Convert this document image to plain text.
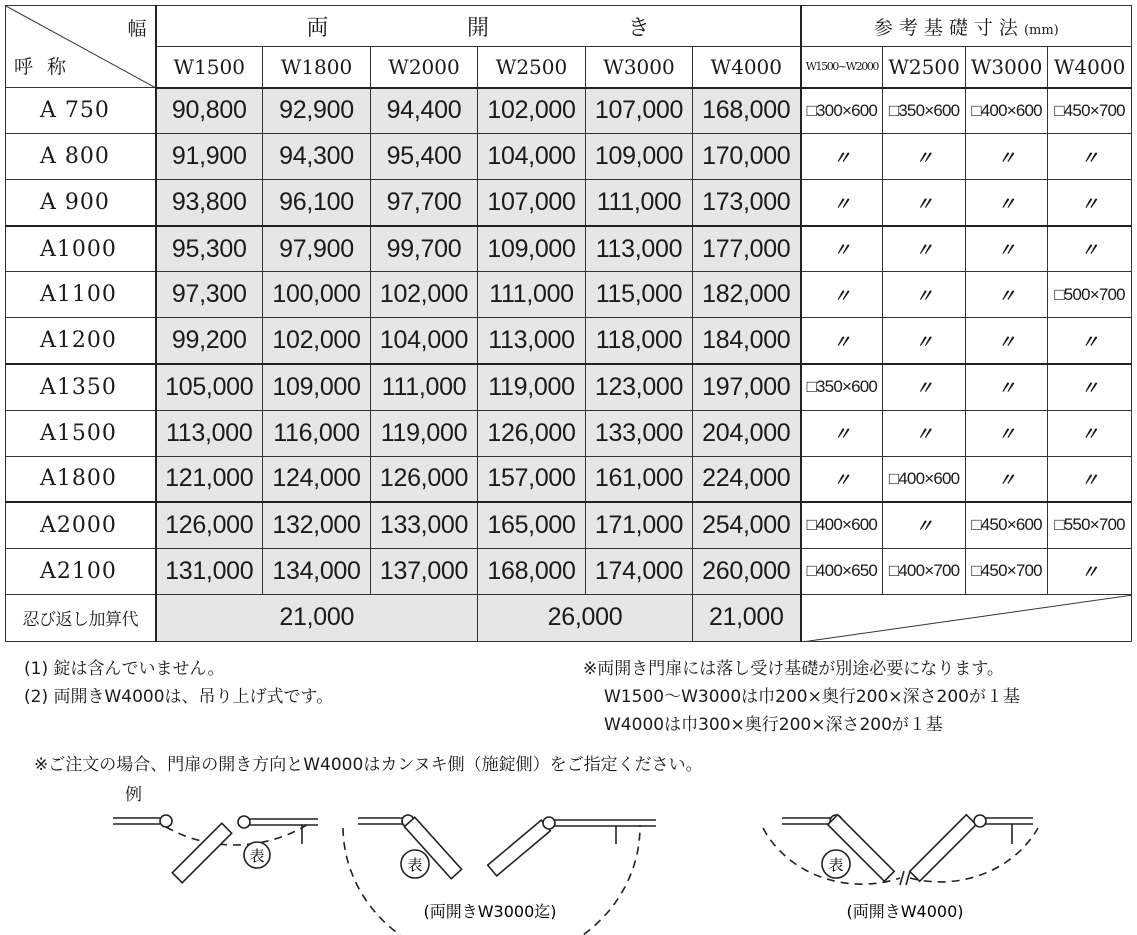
幅
呼 称	両 開 き						参考基礎寸法(mm)			
	W1500	W1800	W2000	W2500	W3000	W4000	W1500~W2000	W2500	W3000	W4000
A 750	90,800	92,900	94,400	102,000	107,000	168,000	□300×600	□350×600	□400×600	□450×700
A 800	91,900	94,300	95,400	104,000	109,000	170,000	〃	〃	〃	〃
A 900	93,800	96,100	97,700	107,000	111,000	173,000	〃	〃	〃	〃
A1000	95,300	97,900	99,700	109,000	113,000	177,000	〃	〃	〃	〃
A1100	97,300	100,000	102,000	111,000	115,000	182,000	〃	〃	〃	□500×700
A1200	99,200	102,000	104,000	113,000	118,000	184,000	〃	〃	〃	〃
A1350	105,000	109,000	111,000	119,000	123,000	197,000	□350×600	〃	〃	〃
A1500	113,000	116,000	119,000	126,000	133,000	204,000	〃	〃	〃	〃
A1800	121,000	124,000	126,000	157,000	161,000	224,000	〃	□400×600	〃	〃
A2000	126,000	132,000	133,000	165,000	171,000	254,000	□400×600	〃	□450×600	□550×700
A2100	131,000	134,000	137,000	168,000	174,000	260,000	□400×650	□400×700	□450×700	〃
忍び返し加算代	21,000			26,000		21,000	
(1) 錠は含んでいません。
(2) 両開きW4000は、吊り上げ式です。
※両開き門扉には落し受け基礎が別途必要になります。
W1500～W3000は巾200×奥行200×深さ200が１基
W4000は巾300×奥行200×深さ200が１基
※ご注文の場合、門扉の開き方向とW4000はカンヌキ側（施錠側）をご指定ください。
例
表	表
(両開きW3000迄)
表
(両開きW4000)
